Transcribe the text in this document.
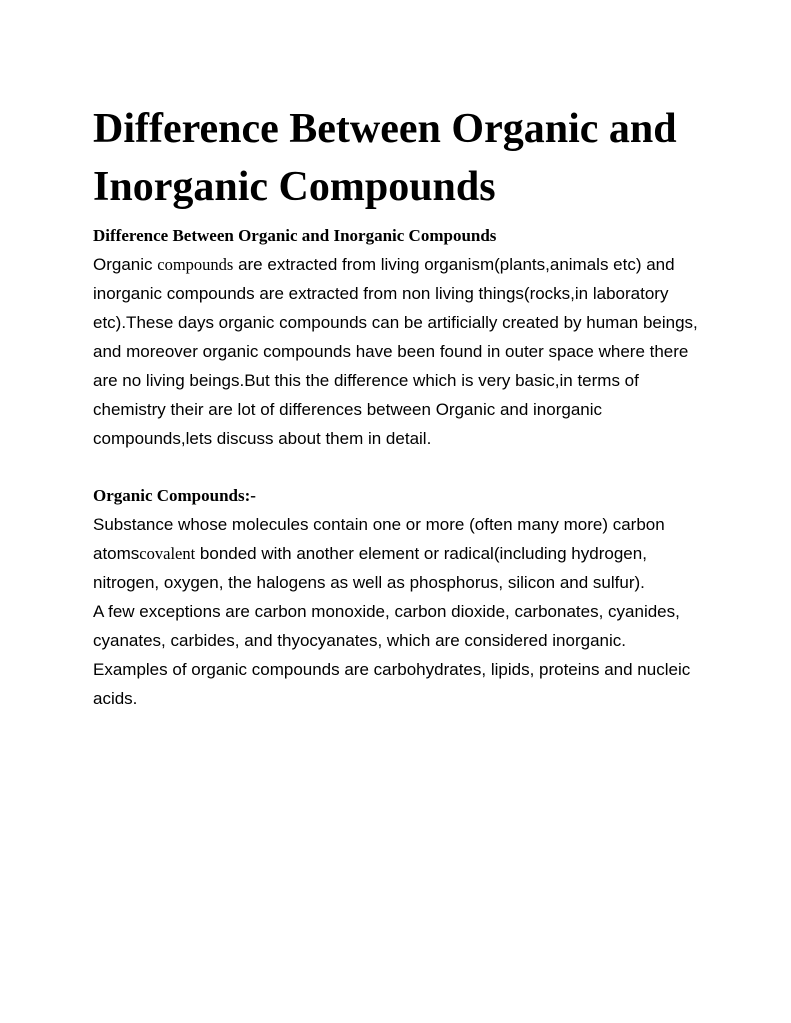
Difference Between Organic and Inorganic Compounds
Difference Between Organic and Inorganic Compounds

Organic compounds are extracted from living organism(plants,animals etc) and inorganic compounds are extracted from non living things(rocks,in laboratory etc).These days organic compounds can be artificially created by human beings, and moreover organic compounds have been found in outer space where there are no living beings.But this the difference which is very basic,in terms of chemistry their are lot of differences between Organic and inorganic compounds,lets discuss about them in detail.

Organic Compounds:-

Substance whose molecules contain one or more (often many more) carbon atomscovalent bonded with another element or radical(including hydrogen, nitrogen, oxygen, the halogens as well as phosphorus, silicon and sulfur).

A few exceptions are carbon monoxide, carbon dioxide, carbonates, cyanides, cyanates, carbides, and thyocyanates, which are considered inorganic.

Examples of organic compounds are carbohydrates, lipids, proteins and nucleic acids.
